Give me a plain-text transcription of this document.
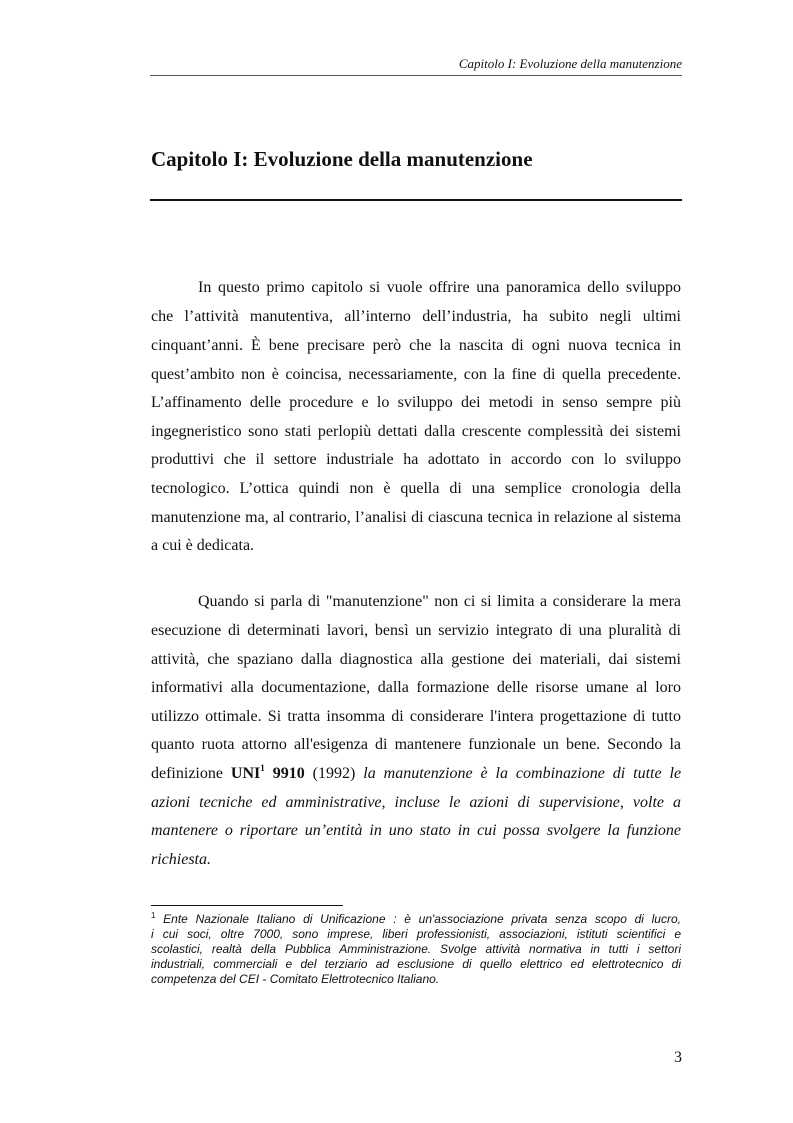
Capitolo I: Evoluzione della manutenzione
Capitolo I: Evoluzione della manutenzione
In questo primo capitolo si vuole offrire una panoramica dello sviluppo
che l’attività manutentiva, all’interno dell’industria, ha subito negli ultimi
cinquant’anni. È bene precisare però che la nascita di ogni nuova tecnica in
quest’ambito non è coincisa, necessariamente, con la fine di quella precedente.
L’affinamento delle procedure e lo sviluppo dei metodi in senso sempre più
ingegneristico sono stati perlopiù dettati dalla crescente complessità dei sistemi
produttivi che il settore industriale ha adottato in accordo con lo sviluppo
tecnologico. L’ottica quindi non è quella di una semplice cronologia della
manutenzione ma, al contrario, l’analisi di ciascuna tecnica in relazione al sistema
a cui è dedicata.
Quando si parla di "manutenzione" non ci si limita a considerare la mera
esecuzione di determinati lavori, bensì un servizio integrato di una pluralità di
attività, che spaziano dalla diagnostica alla gestione dei materiali, dai sistemi
informativi alla documentazione, dalla formazione delle risorse umane al loro
utilizzo ottimale. Si tratta insomma di considerare l'intera progettazione di tutto
quanto ruota attorno all'esigenza di mantenere funzionale un bene. Secondo la
definizione UNI$^1$ 9910 (1992) la manutenzione è la combinazione di tutte le
azioni tecniche ed amministrative, incluse le azioni di supervisione, volte a
mantenere o riportare un’entità in uno stato in cui possa svolgere la funzione
richiesta.
$^1$ Ente Nazionale Italiano di Unificazione : è un'associazione privata senza scopo di lucro,
i cui soci, oltre 7000, sono imprese, liberi professionisti, associazioni, istituti scientifici e
scolastici, realtà della Pubblica Amministrazione. Svolge attività normativa in tutti i settori
industriali, commerciali e del terziario ad esclusione di quello elettrico ed elettrotecnico di
competenza del CEI - Comitato Elettrotecnico Italiano.
3
